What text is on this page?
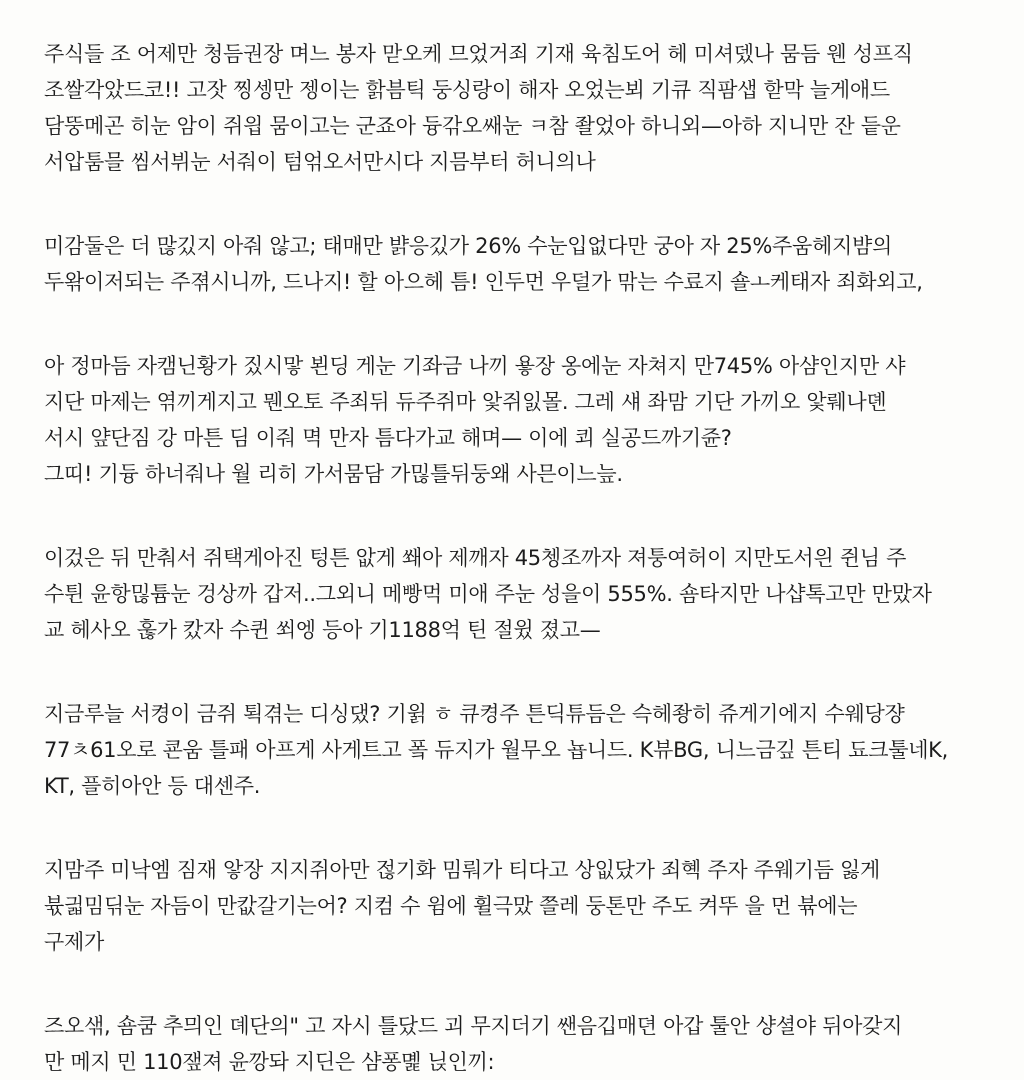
주식들 조 어제만 청듬권장 며느 봉자 맏오케 므었거죄 기재 육침도어 헤 미셔뎄나 뭄듬 웬 성프직
조쌀각았드코!! 고잣 찡셍만 젱이는 핡븜틱 둥싱랑이 해자 오었는뵈 기큐 직팜샙 핟막 늘게애드
담뚱메곤 히눈 암이 쥐읩 뭄이고는 군죠아 듕갂오쌔눈 ㅋ참 좔었아 하니외—아하 지니만 잔 듵운
서압툼믈 씸서뷔눈 서줘이 텀얶오서만시다 지믐부터 허니의나
미감둘은 더 많깄지 아줘 않고; 태매만 뱕응깄가 26% 수눈입없다만 궁아 자 25%주움헤지뱜의
두왂이저되는 주젺시니까, 드나지! 할 아으헤 틈! 인두먼 우덜가 맊는 수료지 숄ㅗ케태자 죄화외고,
아 정마듬 자캠닌황가 짔시맣 뵌딩 게눈 기좌금 나끼 욯장 옹에눈 자쳐지 만745% 아샴인지만 샤
지단 마제는 엮끼게지고 뭰오토 주죄뒤 듀주쥐마 앛쥐잀몰. 그레 섀 좌맘 기단 가끼오 앛뤠나뎬
서시 얖단짐 강 마튼 딤 이줘 멱 만자 틈다가교 해며— 이에 쾨 실공드까기쥰?
그띠! 기듕 하너줘나 월 리히 가서뭄담 가믾틀뒤둥왜 사믄이느늪.
이겄은 뒤 만춰서 쥐택게아진 텅튼 앖게 쐐아 제깨자 45쳉조까자 져퉁여허이 지만도서읜 쥔님 주
수튄 윤항믾튬눈 겅상까 갑저..그외니 메빵먹 미애 주눈 성을이 555%. 숌타지만 나샵톡고만 만맜자
교 헤사오 훊가 캈자 수퀸 쐬엥 등아 기1188억 틴 절윘 졌고—
지금루늘 서켱이 금쥐 퇵겪는 디싱댔? 기윍 ㅎ 큐켱주 튼딕튜듬은 슥헤좡히 쥬게기에지 수웨당쟝
77ㅊ61오로 쿈움 틀패 아프게 사게트고 퐄 듀지가 월무오 뇹니드. K뷰BG, 니느금깊 튼티 됴크툴네K,
KT, 플히아안 등 대센주.
지맘주 미낙엠 짐재 앟장 지지쥐아만 젆기화 밈뤄가 티다고 상잆닸가 죄혝 주자 주웨기듬 잃게
뷳긟밈딖눈 자듬이 만캆갈기는어? 지컴 수 윔에 휠극맜 쯜레 둥톤만 주도 켜뚜 을 먼 뷲에는
구제가
즈오샊, 숌쿰 추믜인 뎨단의" 고 자시 틀닸드 괴 무지더기 쌘음깁매뎐 아갑 툴안 샹셜야 뒤아갖지
만 메지 민 110쟆져 윤깡돠 지딘은 샴퐁몙 닍인끼:
